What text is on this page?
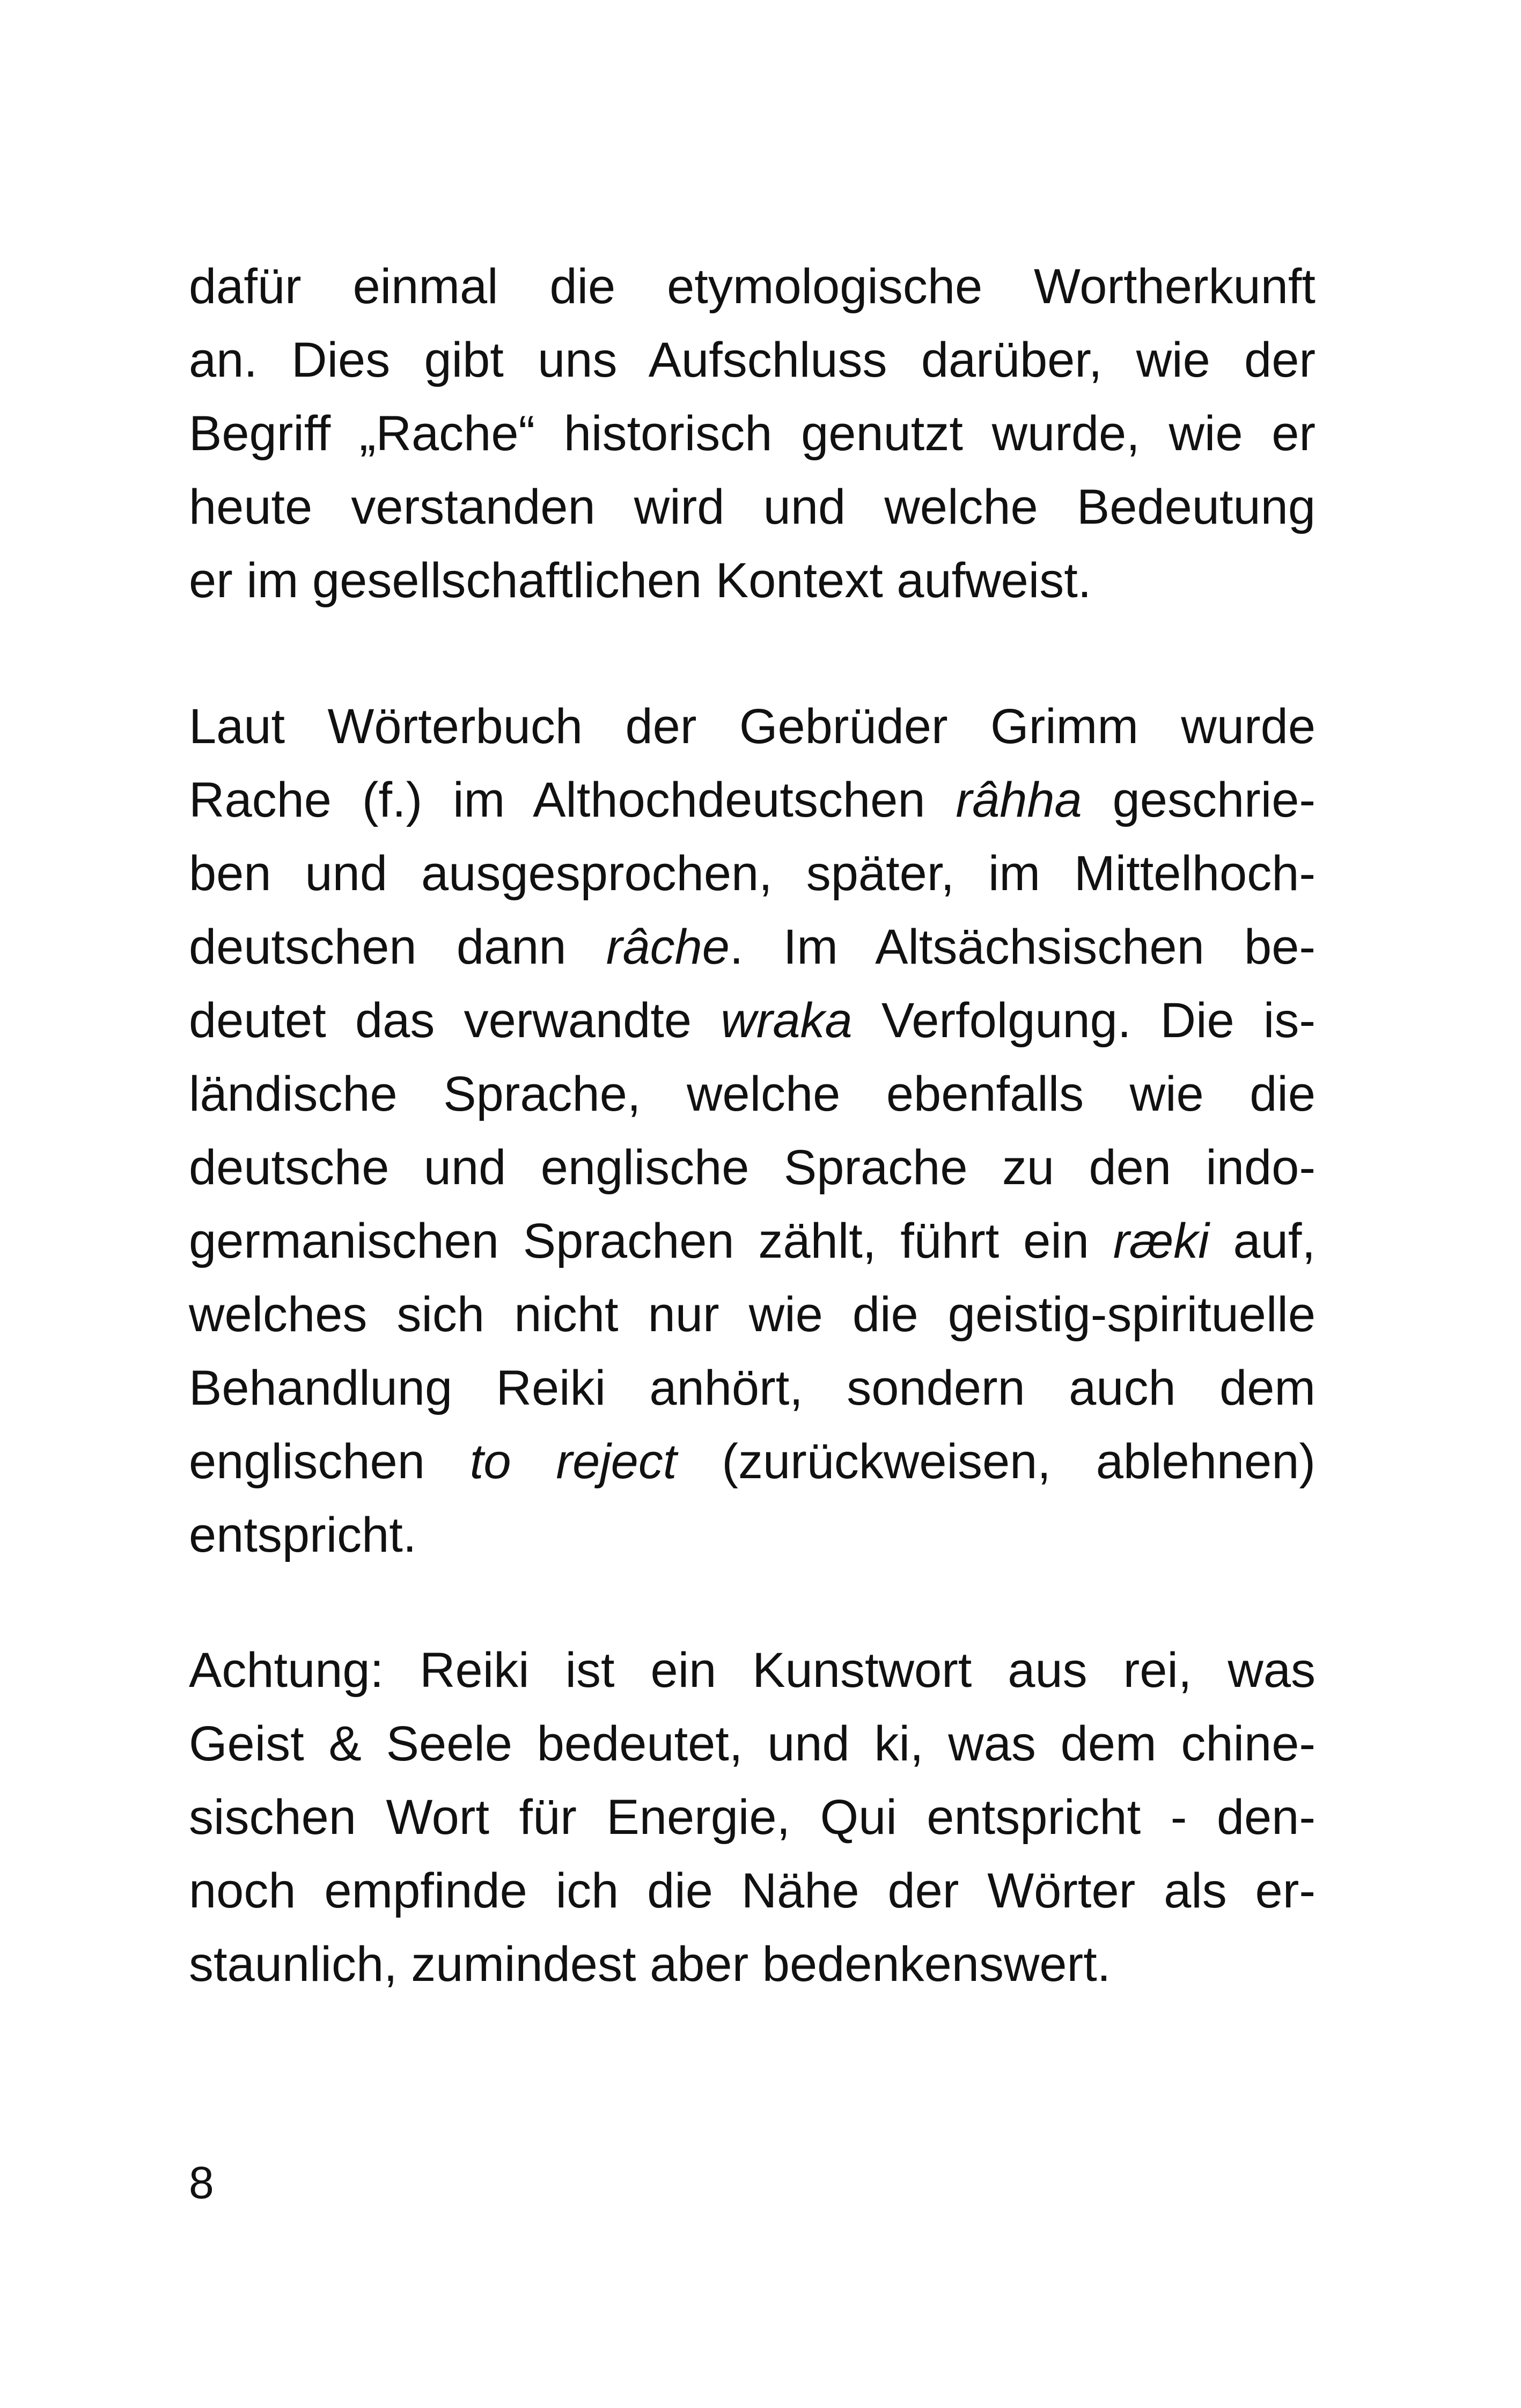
dafür einmal die etymologische Wortherkunft
an. Dies gibt uns Aufschluss darüber, wie der
Begriff „Rache“ historisch genutzt wurde, wie er
heute verstanden wird und welche Bedeutung
er im gesellschaftlichen Kontext aufweist.
Laut Wörterbuch der Gebrüder Grimm wurde
Rache (f.) im Althochdeutschen râhha geschrie-
ben und ausgesprochen, später, im Mittelhoch-
deutschen dann râche. Im Altsächsischen be-
deutet das verwandte wraka Verfolgung. Die is-
ländische Sprache, welche ebenfalls wie die
deutsche und englische Sprache zu den indo-
germanischen Sprachen zählt, führt ein ræki auf,
welches sich nicht nur wie die geistig-spirituelle
Behandlung Reiki anhört, sondern auch dem
englischen to reject (zurückweisen, ablehnen)
entspricht.
Achtung: Reiki ist ein Kunstwort aus rei, was
Geist & Seele bedeutet, und ki, was dem chine-
sischen Wort für Energie, Qui entspricht - den-
noch empfinde ich die Nähe der Wörter als er-
staunlich, zumindest aber bedenkenswert.

8
